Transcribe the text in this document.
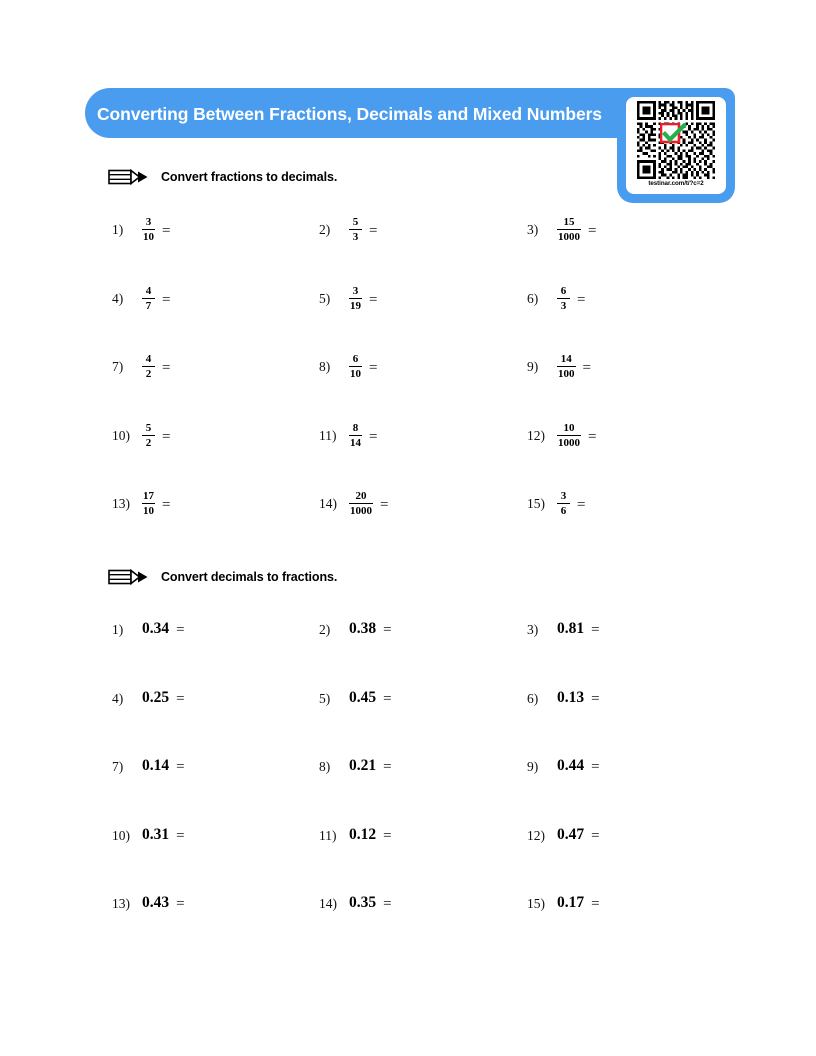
Converting Between Fractions, Decimals and Mixed Numbers
testinar.com/t/?c=2
Convert fractions to decimals.
Convert decimals to fractions.
1)	$\frac{3}{10}$ =	2)	$\frac{5}{3}$ =	3)	$\frac{15}{1000}$ =
4)	$\frac{4}{7}$ =	5)	$\frac{3}{19}$ =	6)	$\frac{6}{3}$ =
7)	$\frac{4}{2}$ =	8)	$\frac{6}{10}$ =	9)	$\frac{14}{100}$ =
10)	$\frac{5}{2}$ =	11)	$\frac{8}{14}$ =	12)	$\frac{10}{1000}$ =
13)	$\frac{17}{10}$ =	14)	$\frac{20}{1000}$ =	15)	$\frac{3}{6}$ =
1)	0.34 =	2)	0.38 =	3)	0.81 =
4)	0.25 =	5)	0.45 =	6)	0.13 =
7)	0.14 =	8)	0.21 =	9)	0.44 =
10) 0.31 =	11) 0.12 =	12) 0.47 =
13) 0.43 =	14) 0.35 =	15) 0.17 =
